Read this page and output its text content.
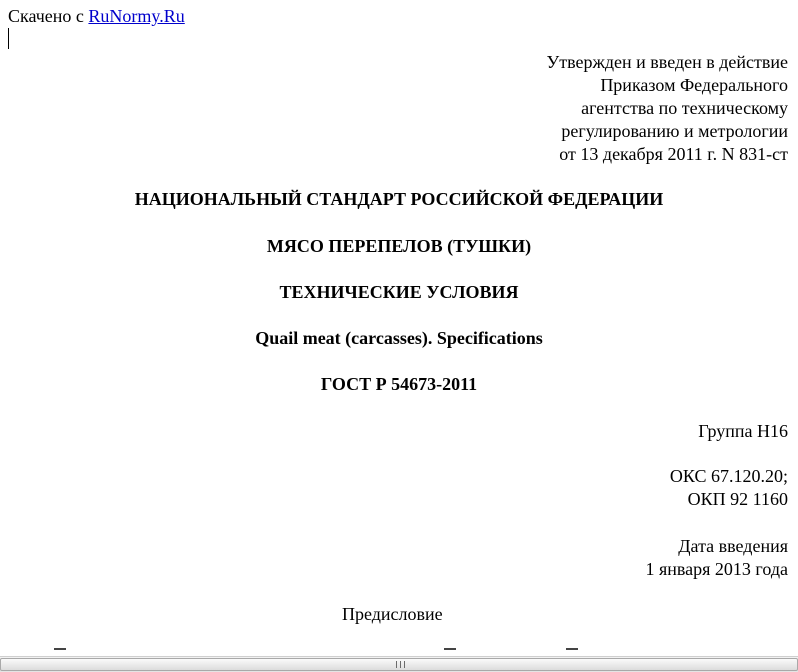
Скачено с RuNormy.Ru
Утвержден и введен в действие
Приказом Федерального
агентства по техническому
регулированию и метрологии
от 13 декабря 2011 г. N 831-ст
НАЦИОНАЛЬНЫЙ СТАНДАРТ РОССИЙСКОЙ ФЕДЕРАЦИИ
МЯСО ПЕРЕПЕЛОВ (ТУШКИ)
ТЕХНИЧЕСКИЕ УСЛОВИЯ
Quail meat (carcasses). Specifications
ГОСТ Р 54673-2011
Группа Н16
ОКС 67.120.20;
ОКП 92 1160
Дата введения
1 января 2013 года
Предисловие
